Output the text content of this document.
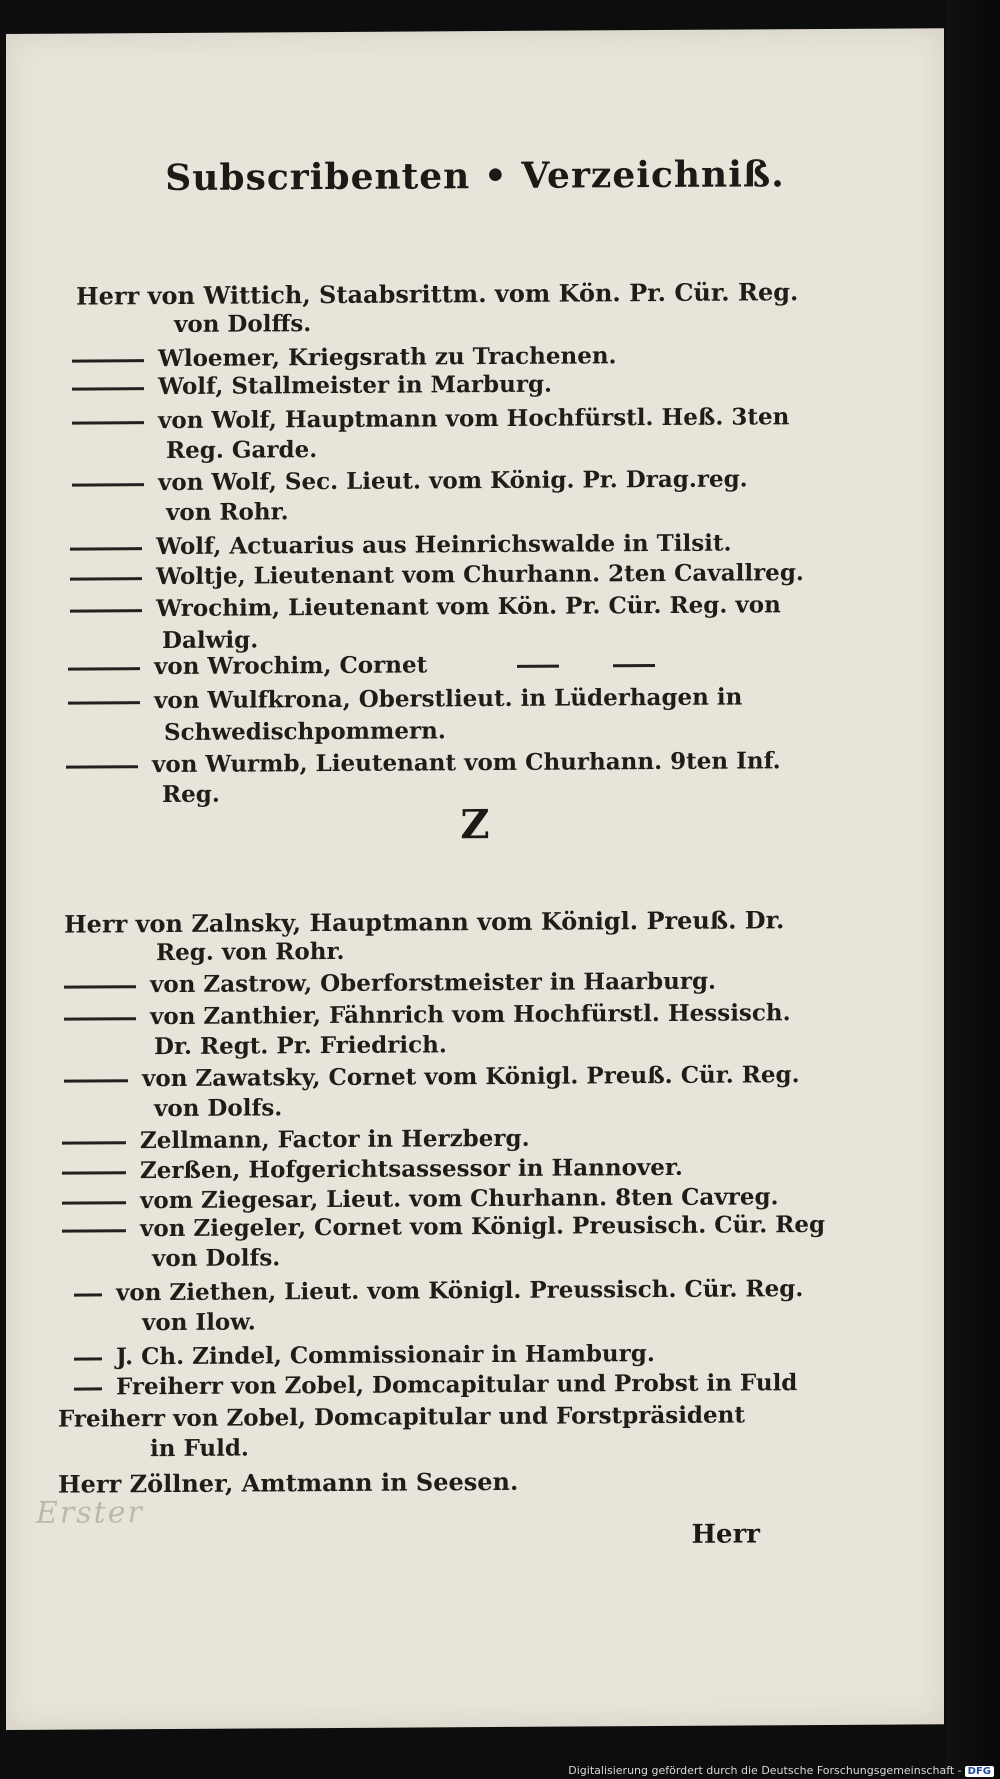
Subscribenten • Verzeichniß.
Herr von Wittich, Staabsrittm. vom Kön. Pr. Cür. Reg.
von Dolffs.
Wloemer, Kriegsrath zu Trachenen.
Wolf, Stallmeister in Marburg.
von Wolf, Hauptmann vom Hochfürstl. Heß. 3ten
Reg. Garde.
von Wolf, Sec. Lieut. vom König. Pr. Drag.reg.
von Rohr.
Wolf, Actuarius aus Heinrichswalde in Tilsit.
Woltje, Lieutenant vom Churhann. 2ten Cavallreg.
Wrochim, Lieutenant vom Kön. Pr. Cür. Reg. von
Dalwig.
von Wrochim, Cornet
von Wulfkrona, Oberstlieut. in Lüderhagen in
Schwedischpommern.
von Wurmb, Lieutenant vom Churhann. 9ten Inf.
Reg.
Z
Herr von Zalnsky, Hauptmann vom Königl. Preuß. Dr.
Reg. von Rohr.
von Zastrow, Oberforstmeister in Haarburg.
von Zanthier, Fähnrich vom Hochfürstl. Hessisch.
Dr. Regt. Pr. Friedrich.
von Zawatsky, Cornet vom Königl. Preuß. Cür. Reg.
von Dolfs.
Zellmann, Factor in Herzberg.
Zerßen, Hofgerichtsassessor in Hannover.
vom Ziegesar, Lieut. vom Churhann. 8ten Cavreg.
von Ziegeler, Cornet vom Königl. Preusisch. Cür. Reg
von Dolfs.
von Ziethen, Lieut. vom Königl. Preussisch. Cür. Reg.
von Ilow.
J. Ch. Zindel, Commissionair in Hamburg.
Freiherr von Zobel, Domcapitular und Probst in Fuld
Freiherr von Zobel, Domcapitular und Forstpräsident
in Fuld.
Herr Zöllner, Amtmann in Seesen.
Erster
Herr
Digitalisierung gefördert durch die Deutsche Forschungsgemeinschaft - DFG
